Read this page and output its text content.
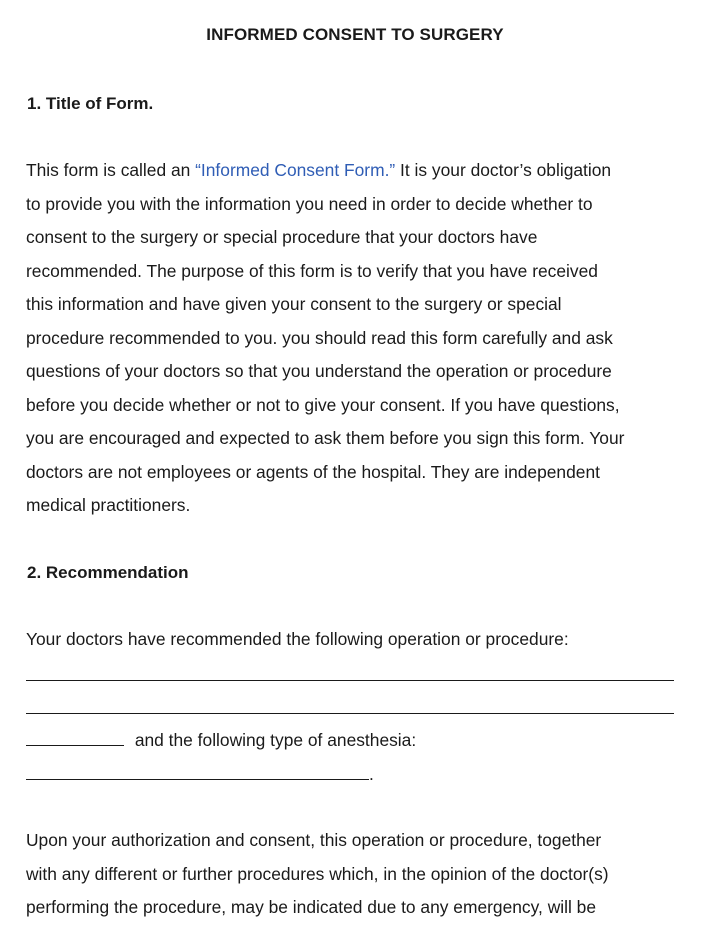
INFORMED CONSENT TO SURGERY
1. Title of Form.
This form is called an “Informed Consent Form.” It is your doctor’s obligation
to provide you with the information you need in order to decide whether to
consent to the surgery or special procedure that your doctors have
recommended. The purpose of this form is to verify that you have received
this information and have given your consent to the surgery or special
procedure recommended to you. you should read this form carefully and ask
questions of your doctors so that you understand the operation or procedure
before you decide whether or not to give your consent. If you have questions,
you are encouraged and expected to ask them before you sign this form. Your
doctors are not employees or agents of the hospital. They are independent
medical practitioners.
2. Recommendation
Your doctors have recommended the following operation or procedure:
and the following type of anesthesia:
.
Upon your authorization and consent, this operation or procedure, together
with any different or further procedures which, in the opinion of the doctor(s)
performing the procedure, may be indicated due to any emergency, will be
